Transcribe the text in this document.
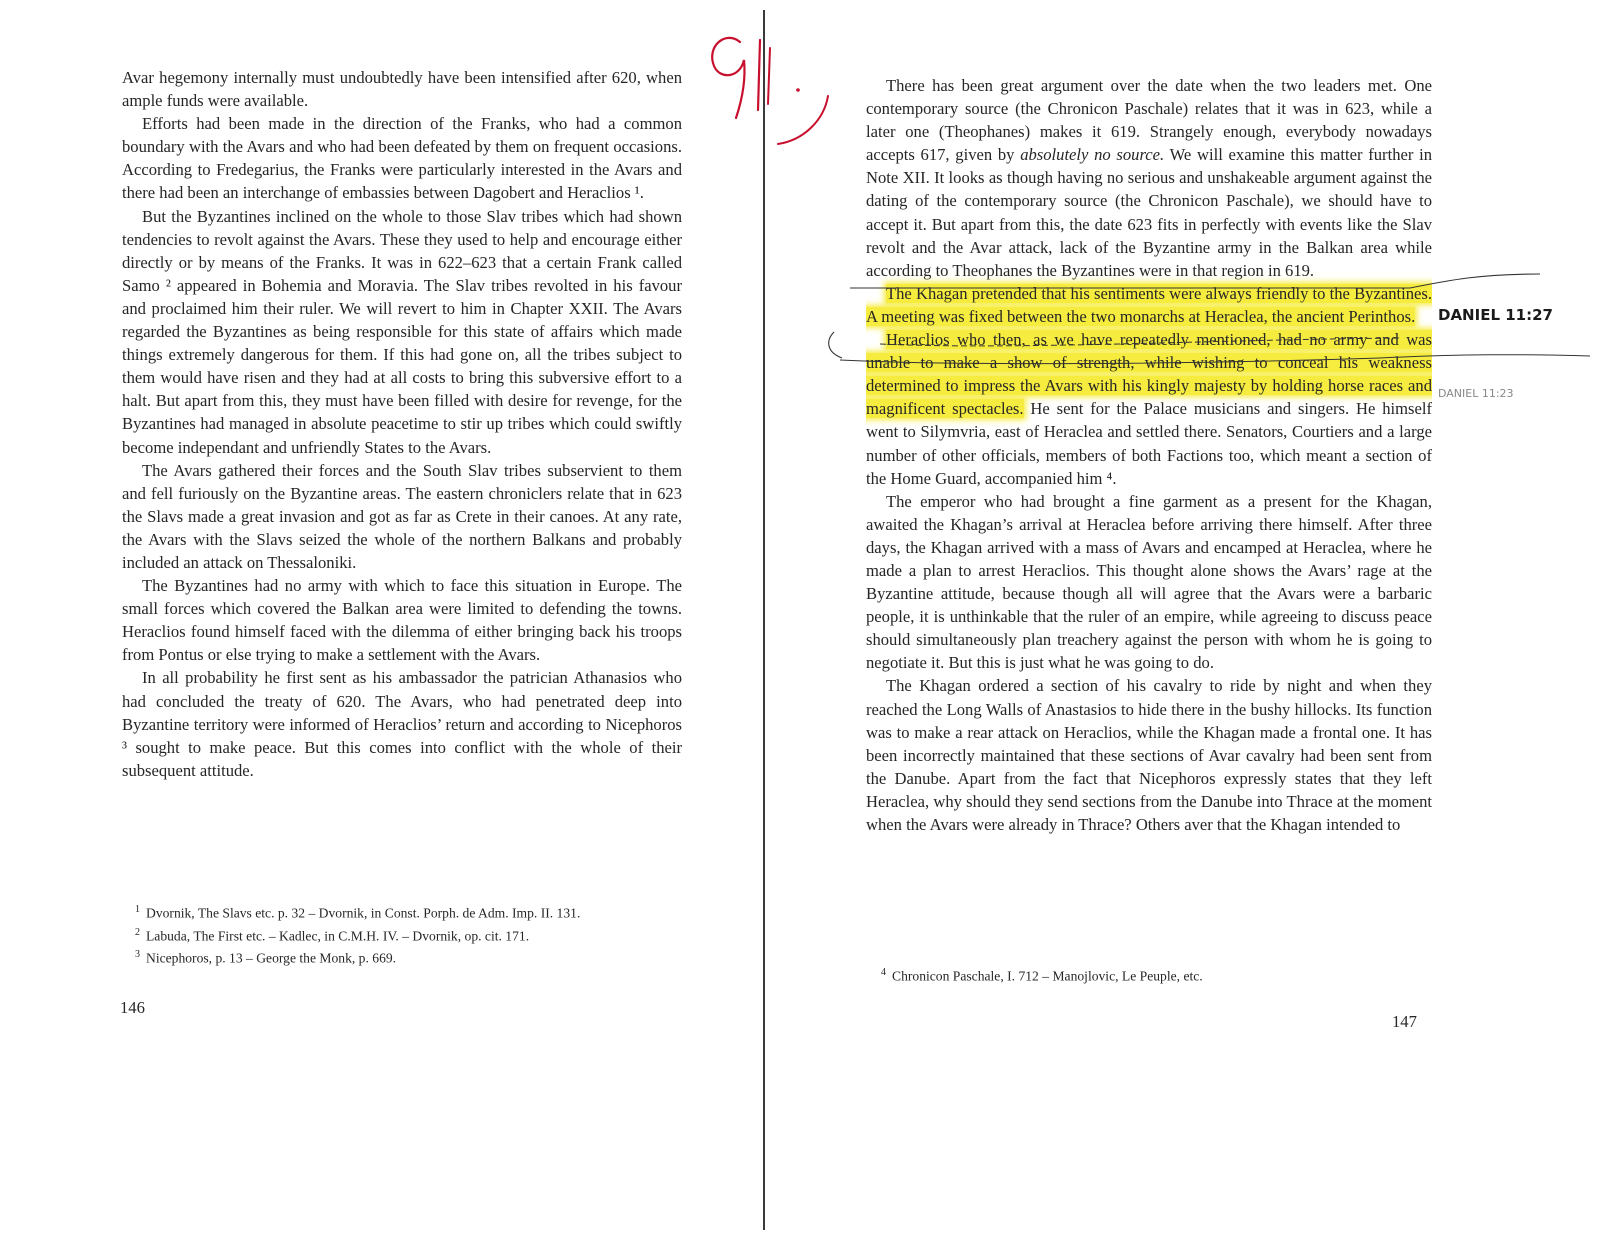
Avar hegemony internally must undoubtedly have been intensified after 620, when ample funds were available.

Efforts had been made in the direction of the Franks, who had a common boundary with the Avars and who had been defeated by them on frequent occasions. According to Fredegarius, the Franks were particularly interested in the Avars and there had been an interchange of embassies between Dagobert and Heraclios ¹.

But the Byzantines inclined on the whole to those Slav tribes which had shown tendencies to revolt against the Avars. These they used to help and encourage either directly or by means of the Franks. It was in 622–623 that a certain Frank called Samo ² appeared in Bohemia and Moravia. The Slav tribes revolted in his favour and proclaimed him their ruler. We will revert to him in Chapter XXII. The Avars regarded the Byzantines as being responsible for this state of affairs which made things extremely dangerous for them. If this had gone on, all the tribes subject to them would have risen and they had at all costs to bring this subversive effort to a halt. But apart from this, they must have been filled with desire for revenge, for the Byzantines had managed in absolute peacetime to stir up tribes which could swiftly become independant and unfriendly States to the Avars.

The Avars gathered their forces and the South Slav tribes subservient to them and fell furiously on the Byzantine areas. The eastern chroniclers relate that in 623 the Slavs made a great invasion and got as far as Crete in their canoes. At any rate, the Avars with the Slavs seized the whole of the northern Balkans and probably included an attack on Thessaloniki.

The Byzantines had no army with which to face this situation in Europe. The small forces which covered the Balkan area were limited to defending the towns. Heraclios found himself faced with the dilemma of either bringing back his troops from Pontus or else trying to make a settlement with the Avars.

In all probability he first sent as his ambassador the patrician Athanasios who had concluded the treaty of 620. The Avars, who had penetrated deep into Byzantine territory were informed of Heraclios’ return and according to Nicephoros ³ sought to make peace. But this comes into conflict with the whole of their subsequent attitude.

$^1$ Dvornik, The Slavs etc. p. 32 – Dvornik, in Const. Porph. de Adm. Imp. II. 131.
$^2$ Labuda, The First etc. – Kadlec, in C.M.H. IV. – Dvornik, op. cit. 171.
$^3$ Nicephoros, p. 13 – George the Monk, p. 669.
146

There has been great argument over the date when the two leaders met. One contemporary source (the Chronicon Paschale) relates that it was in 623, while a later one (Theophanes) makes it 619. Strangely enough, everybody nowadays accepts 617, given by absolutely no source. We will examine this matter further in Note XII. It looks as though having no serious and unshakeable argument against the dating of the contemporary source (the Chronicon Paschale), we should have to accept it. But apart from this, the date 623 fits in perfectly with events like the Slav revolt and the Avar attack, lack of the Byzantine army in the Balkan area while according to Theophanes the Byzantines were in that region in 619.

The Khagan pretended that his sentiments were always friendly to the Byzantines. A meeting was fixed between the two monarchs at Heraclea, the ancient Perinthos.

Heraclios who then, as we have repeatedly mentioned, had no army and was unable to make a show of strength, while wishing to conceal his weakness determined to impress the Avars with his kingly majesty by holding horse races and magnificent spectacles. He sent for the Palace musicians and singers. He himself went to Silymvria, east of Heraclea and settled there. Senators, Courtiers and a large number of other officials, members of both Factions too, which meant a section of the Home Guard, accompanied him ⁴.

The emperor who had brought a fine garment as a present for the Khagan, awaited the Khagan’s arrival at Heraclea before arriving there himself. After three days, the Khagan arrived with a mass of Avars and encamped at Heraclea, where he made a plan to arrest Heraclios. This thought alone shows the Avars’ rage at the Byzantine attitude, because though all will agree that the Avars were a barbaric people, it is unthinkable that the ruler of an empire, while agreeing to discuss peace should simultaneously plan treachery against the person with whom he is going to negotiate it. But this is just what he was going to do.

The Khagan ordered a section of his cavalry to ride by night and when they reached the Long Walls of Anastasios to hide there in the bushy hillocks. Its function was to make a rear attack on Heraclios, while the Khagan made a frontal one. It has been incorrectly maintained that these sections of Avar cavalry had been sent from the Danube. Apart from the fact that Nicephoros expressly states that they left Heraclea, why should they send sections from the Danube into Thrace at the moment when the Avars were already in Thrace? Others aver that the Khagan intended to

$^4$ Chronicon Paschale, I. 712 – Manojlovic, Le Peuple, etc.
147
DANIEL 11:27
DANIEL 11:23
